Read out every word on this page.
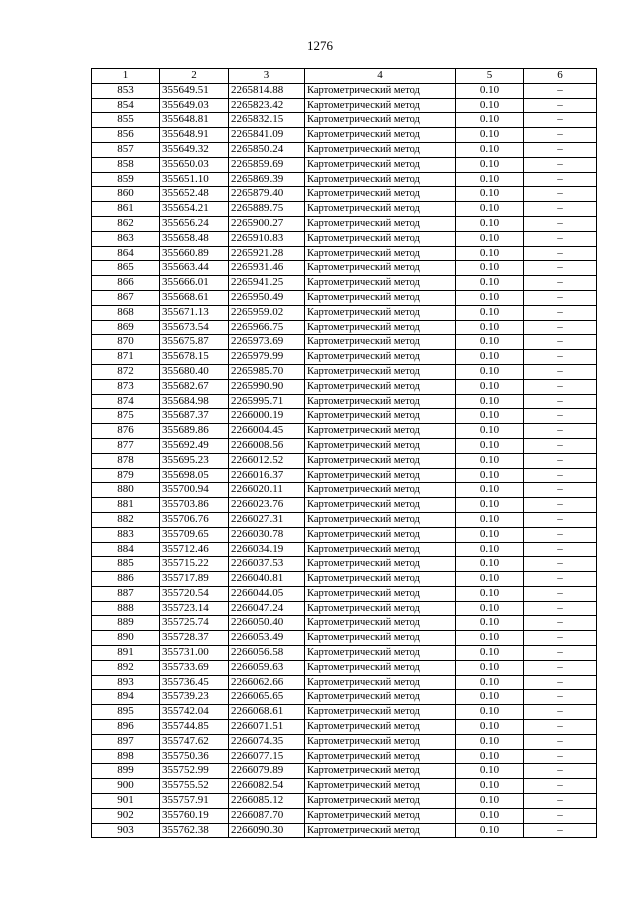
1276
1	2	3	4	5	6
853	355649.51	2265814.88	Картометрический метод	0.10	–
854	355649.03	2265823.42	Картометрический метод	0.10	–
855	355648.81	2265832.15	Картометрический метод	0.10	–
856	355648.91	2265841.09	Картометрический метод	0.10	–
857	355649.32	2265850.24	Картометрический метод	0.10	–
858	355650.03	2265859.69	Картометрический метод	0.10	–
859	355651.10	2265869.39	Картометрический метод	0.10	–
860	355652.48	2265879.40	Картометрический метод	0.10	–
861	355654.21	2265889.75	Картометрический метод	0.10	–
862	355656.24	2265900.27	Картометрический метод	0.10	–
863	355658.48	2265910.83	Картометрический метод	0.10	–
864	355660.89	2265921.28	Картометрический метод	0.10	–
865	355663.44	2265931.46	Картометрический метод	0.10	–
866	355666.01	2265941.25	Картометрический метод	0.10	–
867	355668.61	2265950.49	Картометрический метод	0.10	–
868	355671.13	2265959.02	Картометрический метод	0.10	–
869	355673.54	2265966.75	Картометрический метод	0.10	–
870	355675.87	2265973.69	Картометрический метод	0.10	–
871	355678.15	2265979.99	Картометрический метод	0.10	–
872	355680.40	2265985.70	Картометрический метод	0.10	–
873	355682.67	2265990.90	Картометрический метод	0.10	–
874	355684.98	2265995.71	Картометрический метод	0.10	–
875	355687.37	2266000.19	Картометрический метод	0.10	–
876	355689.86	2266004.45	Картометрический метод	0.10	–
877	355692.49	2266008.56	Картометрический метод	0.10	–
878	355695.23	2266012.52	Картометрический метод	0.10	–
879	355698.05	2266016.37	Картометрический метод	0.10	–
880	355700.94	2266020.11	Картометрический метод	0.10	–
881	355703.86	2266023.76	Картометрический метод	0.10	–
882	355706.76	2266027.31	Картометрический метод	0.10	–
883	355709.65	2266030.78	Картометрический метод	0.10	–
884	355712.46	2266034.19	Картометрический метод	0.10	–
885	355715.22	2266037.53	Картометрический метод	0.10	–
886	355717.89	2266040.81	Картометрический метод	0.10	–
887	355720.54	2266044.05	Картометрический метод	0.10	–
888	355723.14	2266047.24	Картометрический метод	0.10	–
889	355725.74	2266050.40	Картометрический метод	0.10	–
890	355728.37	2266053.49	Картометрический метод	0.10	–
891	355731.00	2266056.58	Картометрический метод	0.10	–
892	355733.69	2266059.63	Картометрический метод	0.10	–
893	355736.45	2266062.66	Картометрический метод	0.10	–
894	355739.23	2266065.65	Картометрический метод	0.10	–
895	355742.04	2266068.61	Картометрический метод	0.10	–
896	355744.85	2266071.51	Картометрический метод	0.10	–
897	355747.62	2266074.35	Картометрический метод	0.10	–
898	355750.36	2266077.15	Картометрический метод	0.10	–
899	355752.99	2266079.89	Картометрический метод	0.10	–
900	355755.52	2266082.54	Картометрический метод	0.10	–
901	355757.91	2266085.12	Картометрический метод	0.10	–
902	355760.19	2266087.70	Картометрический метод	0.10	–
903	355762.38	2266090.30	Картометрический метод	0.10	–
